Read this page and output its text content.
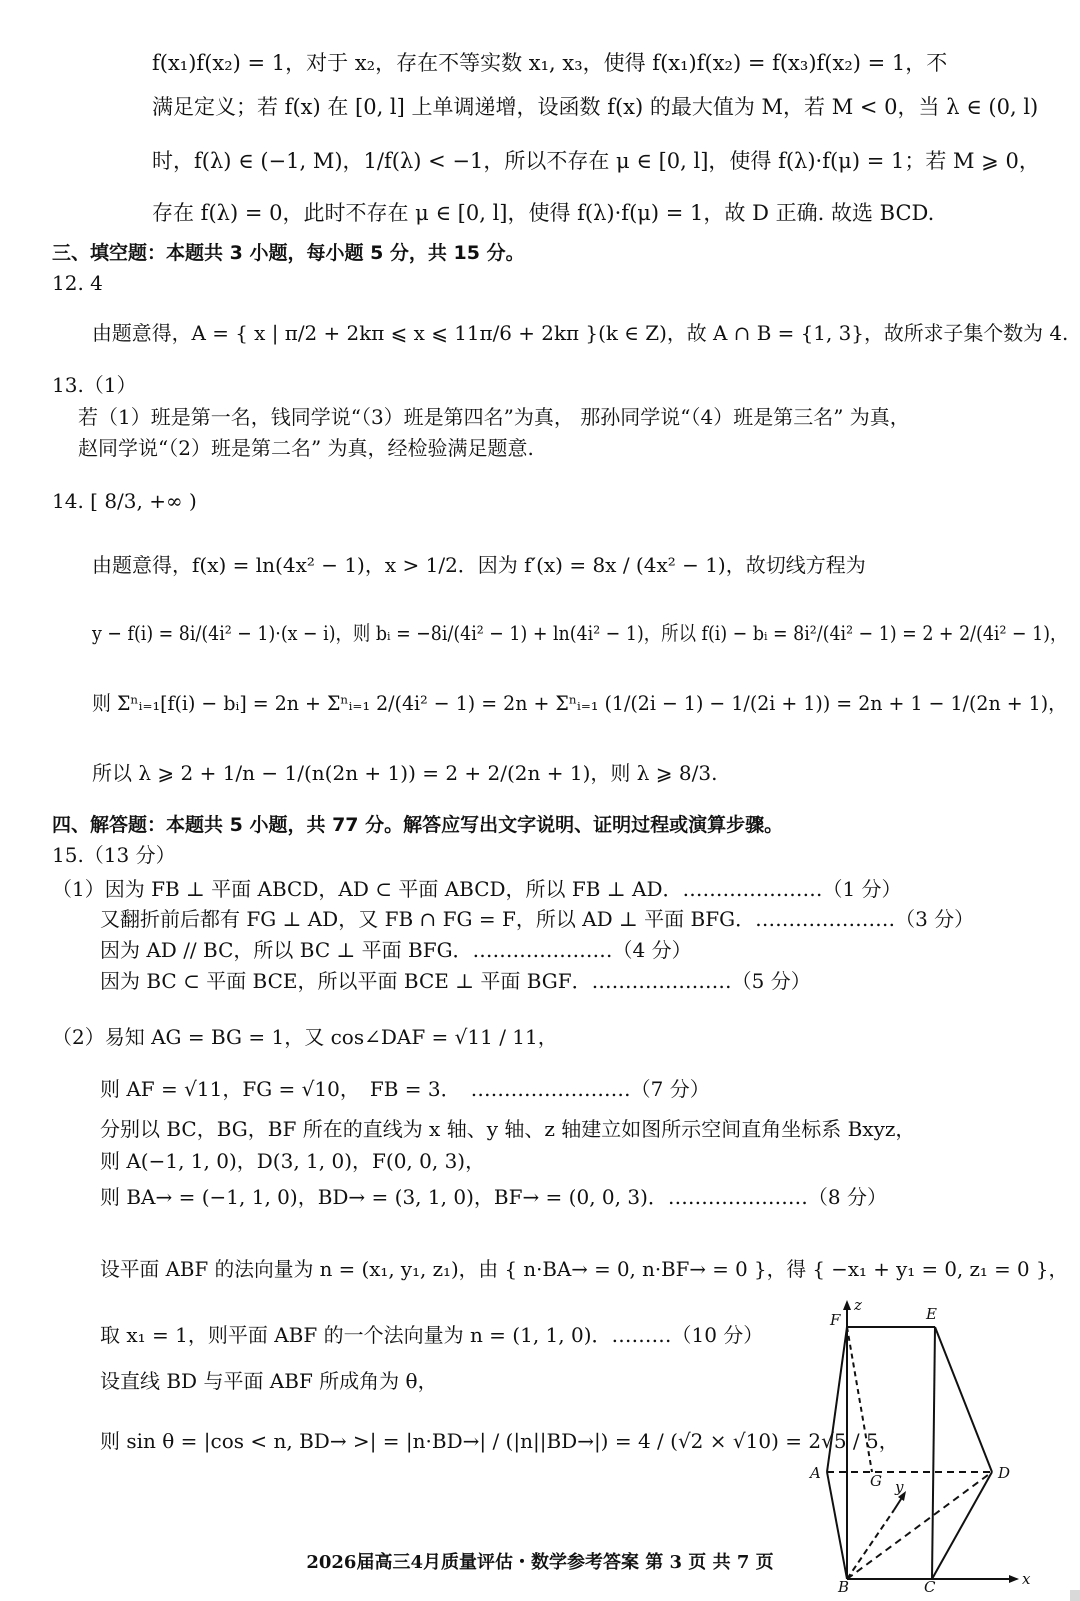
f(x₁)f(x₂) = 1，对于 x₂，存在不等实数 x₁, x₃，使得 f(x₁)f(x₂) = f(x₃)f(x₂) = 1，不
满足定义；若 f(x) 在 [0, l] 上单调递增，设函数 f(x) 的最大值为 M，若 M < 0，当 λ ∈ (0, l)
时，f(λ) ∈ (−1, M)，1/f(λ) < −1，所以不存在 μ ∈ [0, l]，使得 f(λ)·f(μ) = 1；若 M ⩾ 0，
存在 f(λ) = 0，此时不存在 μ ∈ [0, l]，使得 f(λ)·f(μ) = 1，故 D 正确. 故选 BCD.
三、填空题：本题共 3 小题，每小题 5 分，共 15 分。
12. 4
由题意得，A = { x | π/2 + 2kπ ⩽ x ⩽ 11π/6 + 2kπ }(k ∈ Z)，故 A ∩ B = {1, 3}，故所求子集个数为 4.
13.（1）
若（1）班是第一名，钱同学说“（3）班是第四名”为真， 那孙同学说“（4）班是第三名” 为真，
赵同学说“（2）班是第二名” 为真，经检验满足题意.
14. [ 8/3, +∞ )
由题意得，f(x) = ln(4x² − 1)，x > 1/2．因为 f′(x) = 8x / (4x² − 1)，故切线方程为
y − f(i) = 8i/(4i² − 1)·(x − i)，则 bᵢ = −8i/(4i² − 1) + ln(4i² − 1)，所以 f(i) − bᵢ = 8i²/(4i² − 1) = 2 + 2/(4i² − 1)，
则 Σⁿᵢ₌₁[f(i) − bᵢ] = 2n + Σⁿᵢ₌₁ 2/(4i² − 1) = 2n + Σⁿᵢ₌₁ (1/(2i − 1) − 1/(2i + 1)) = 2n + 1 − 1/(2n + 1)，
所以 λ ⩾ 2 + 1/n − 1/(n(2n + 1)) = 2 + 2/(2n + 1)，则 λ ⩾ 8/3.
四、解答题：本题共 5 小题，共 77 分。解答应写出文字说明、证明过程或演算步骤。
15.（13 分）
（1）因为 FB ⊥ 平面 ABCD，AD ⊂ 平面 ABCD，所以 FB ⊥ AD．…………………（1 分）
又翻折前后都有 FG ⊥ AD，又 FB ∩ FG = F，所以 AD ⊥ 平面 BFG．…………………（3 分）
因为 AD // BC，所以 BC ⊥ 平面 BFG．…………………（4 分）
因为 BC ⊂ 平面 BCE，所以平面 BCE ⊥ 平面 BGF．…………………（5 分）
（2）易知 AG = BG = 1，又 cos∠DAF = √11 / 11，
则 AF = √11，FG = √10，　FB = 3．　……………………（7 分）
分别以 BC，BG，BF 所在的直线为 x 轴、y 轴、z 轴建立如图所示空间直角坐标系 Bxyz，
则 A(−1, 1, 0)，D(3, 1, 0)，F(0, 0, 3)，
则 BA→ = (−1, 1, 0)，BD→ = (3, 1, 0)，BF→ = (0, 0, 3)．…………………（8 分）
设平面 ABF 的法向量为 n = (x₁, y₁, z₁)，由 { n·BA→ = 0, n·BF→ = 0 }，得 { −x₁ + y₁ = 0, z₁ = 0 }，
取 x₁ = 1，则平面 ABF 的一个法向量为 n = (1, 1, 0)．………（10 分）
设直线 BD 与平面 ABF 所成角为 θ，
则 sin θ = |cos < n, BD→ >| = |n·BD→| / (|n||BD→|) = 4 / (√2 × √10) = 2√5 / 5，
z
F	E
y
A	G	D
B	C	x
2026届高三4月质量评估・数学参考答案 第 3 页 共 7 页
